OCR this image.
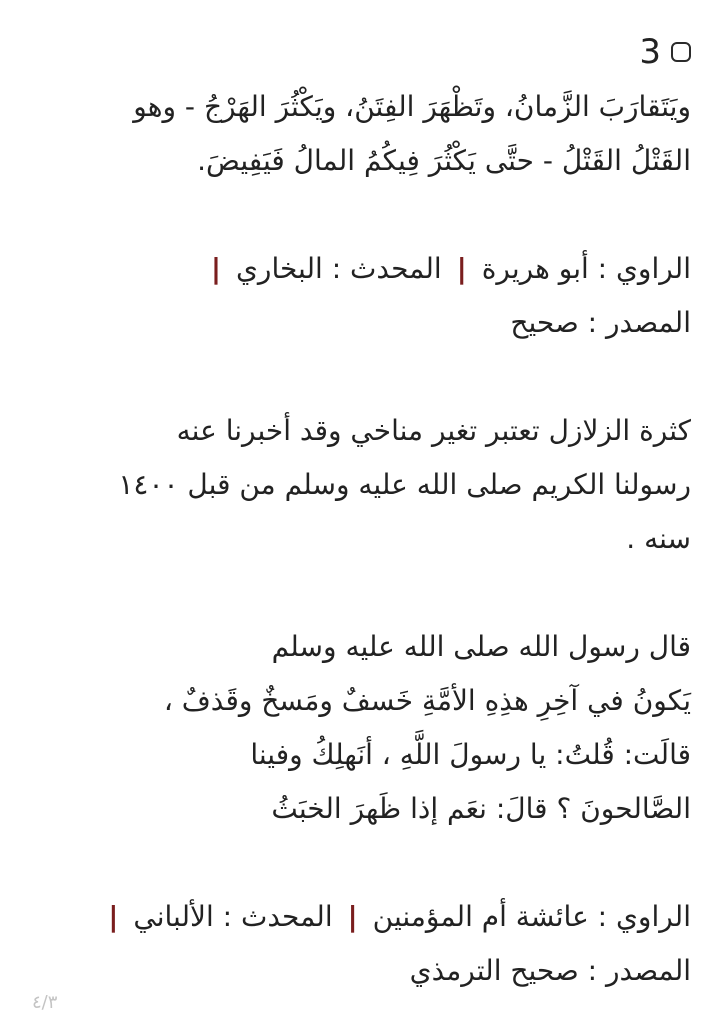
3
ويَتَقارَبَ الزَّمانُ، وتَظْهَرَ الفِتَنُ، ويَكْثُرَ الهَرْجُ - وهو
القَتْلُ القَتْلُ - حتَّى يَكْثُرَ فِيكُمُ المالُ فَيَفِيضَ.
الراوي : أبو هريرة | المحدث : البخاري |
المصدر : صحيح
كثرة الزلازل تعتبر تغير مناخي وقد أخبرنا عنه
رسولنا الكريم صلى الله عليه وسلم من قبل ١٤٠٠
سنه .
قال رسول الله صلى الله عليه وسلم
يَكونُ في آخِرِ هذِهِ الأمَّةِ خَسفٌ ومَسخٌ وقَذفٌ ،
قالَت: قُلتُ: يا رسولَ اللَّهِ ، أنَهلِكُ وفينا
الصَّالحونَ ؟ قالَ: نعَم إذا ظَهرَ الخبَثُ
الراوي : عائشة أم المؤمنين | المحدث : الألباني |
المصدر : صحيح الترمذي
٤/٣
